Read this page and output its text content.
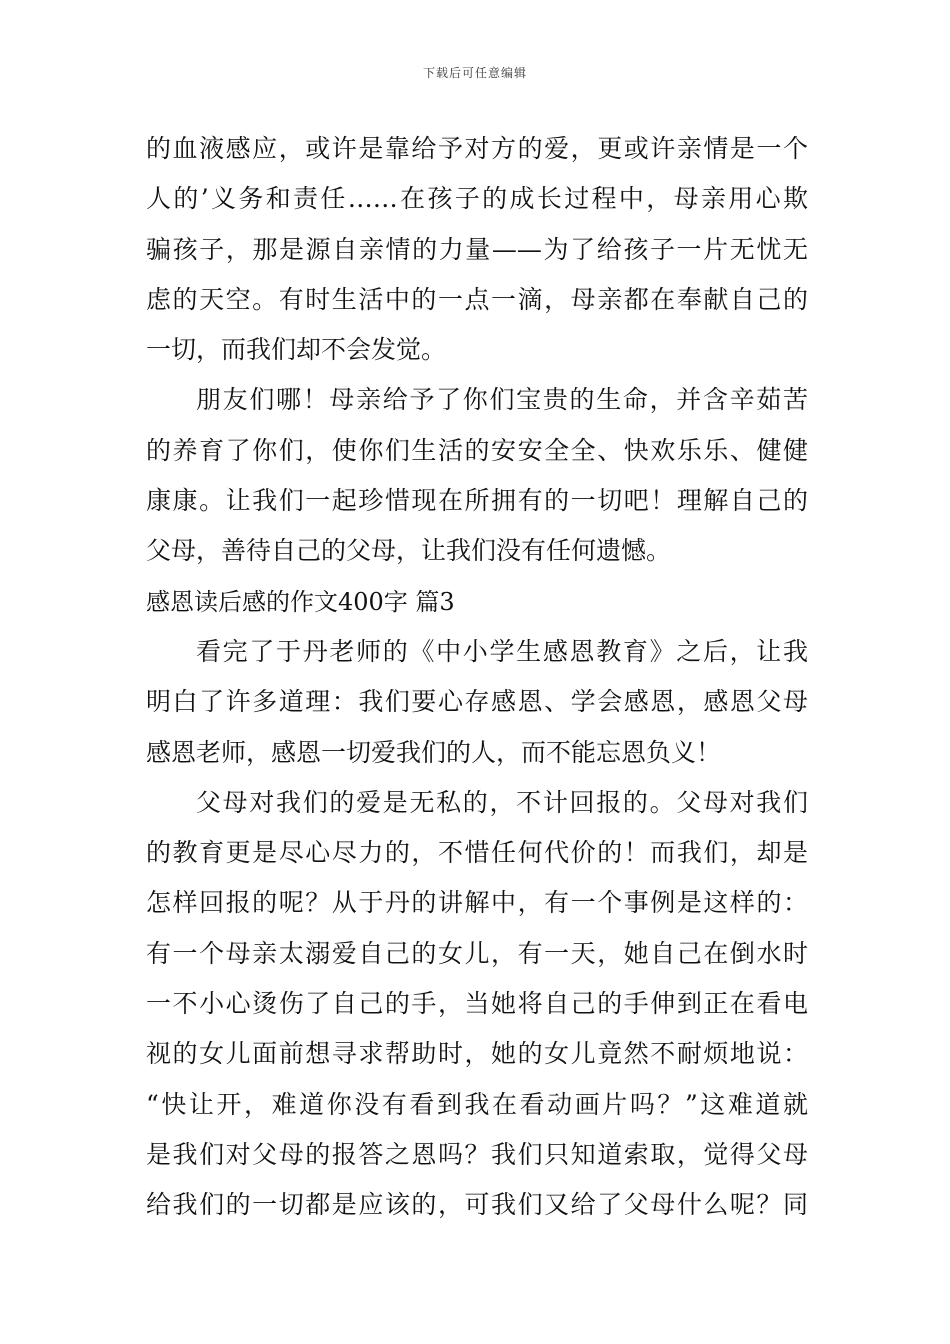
下载后可任意编辑
的血液感应，或许是靠给予对方的爱，更或许亲情是一个
人的’义务和责任……在孩子的成长过程中，母亲用心欺
骗孩子，那是源自亲情的力量——为了给孩子一片无忧无
虑的天空。有时生活中的一点一滴，母亲都在奉献自己的
一切，而我们却不会发觉。
朋友们哪！母亲给予了你们宝贵的生命，并含辛茹苦
的养育了你们，使你们生活的安安全全、快欢乐乐、健健
康康。让我们一起珍惜现在所拥有的一切吧！理解自己的
父母，善待自己的父母，让我们没有任何遗憾。
感恩读后感的作文400字 篇3
看完了于丹老师的《中小学生感恩教育》之后，让我
明白了许多道理：我们要心存感恩、学会感恩，感恩父母
感恩老师，感恩一切爱我们的人，而不能忘恩负义！
父母对我们的爱是无私的，不计回报的。父母对我们
的教育更是尽心尽力的，不惜任何代价的！而我们，却是
怎样回报的呢？从于丹的讲解中，有一个事例是这样的：
有一个母亲太溺爱自己的女儿，有一天，她自己在倒水时
一不小心烫伤了自己的手，当她将自己的手伸到正在看电
视的女儿面前想寻求帮助时，她的女儿竟然不耐烦地说：
“快让开，难道你没有看到我在看动画片吗？”这难道就
是我们对父母的报答之恩吗？我们只知道索取，觉得父母
给我们的一切都是应该的，可我们又给了父母什么呢？同
